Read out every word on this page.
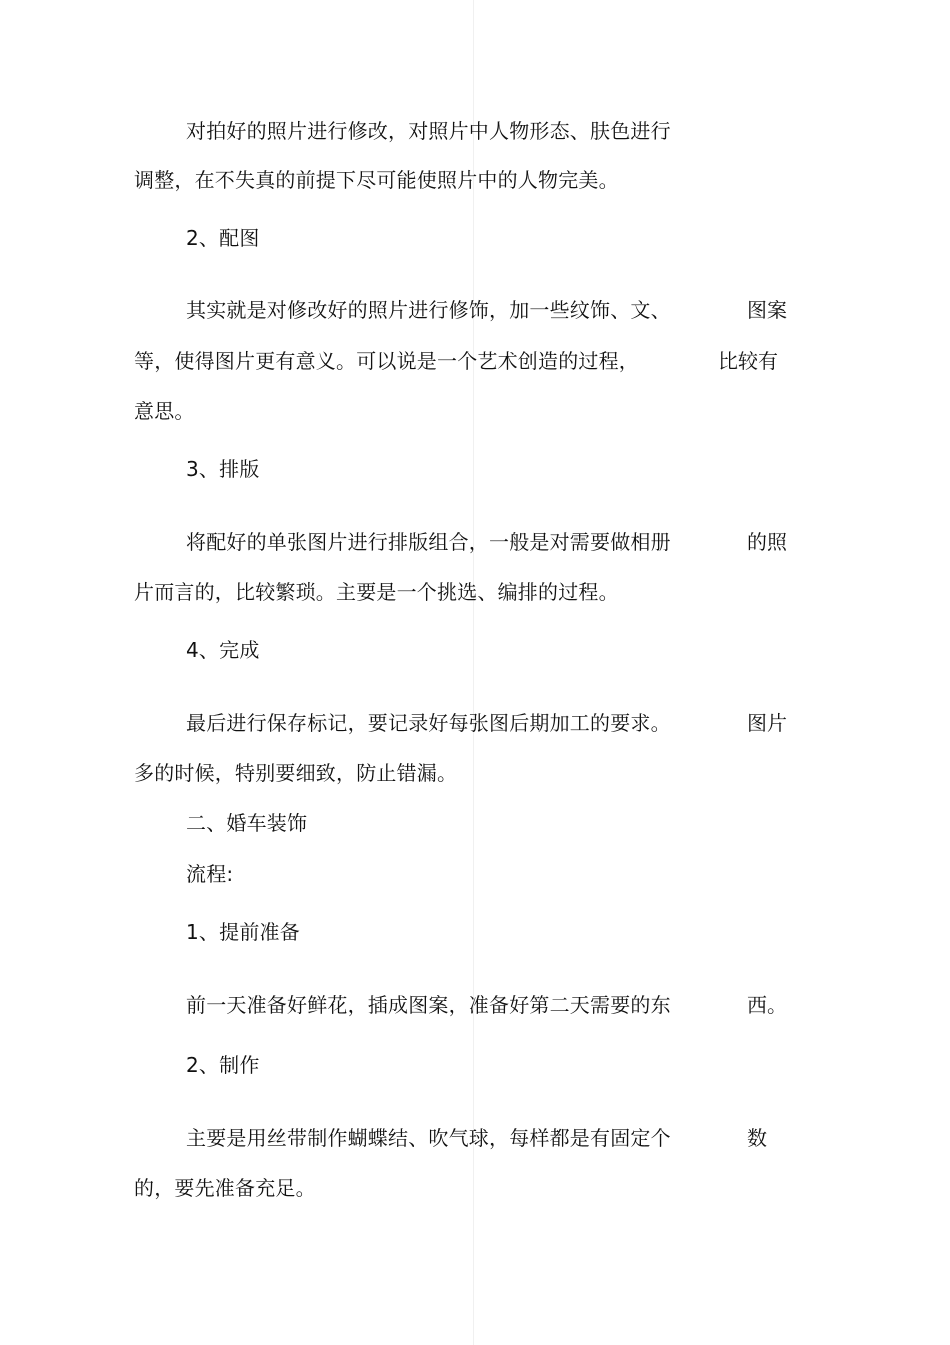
对拍好的照片进行修改，对照片中人物形态、肤色进行

调整，在不失真的前提下尽可能使照片中的人物完美。

2、配图

其实就是对修改好的照片进行修饰，加一些纹饰、文、	图案

等，使得图片更有意义。可以说是一个艺术创造的过程，	比较有

意思。

3、排版

将配好的单张图片进行排版组合，一般是对需要做相册	的照

片而言的，比较繁琐。主要是一个挑选、编排的过程。

4、完成

最后进行保存标记，要记录好每张图后期加工的要求。	图片

多的时候，特别要细致，防止错漏。

二、婚车装饰

流程:

1、提前准备

前一天准备好鲜花，插成图案，准备好第二天需要的东	西。

2、制作

主要是用丝带制作蝴蝶结、吹气球，每样都是有固定个	数

的，要先准备充足。
